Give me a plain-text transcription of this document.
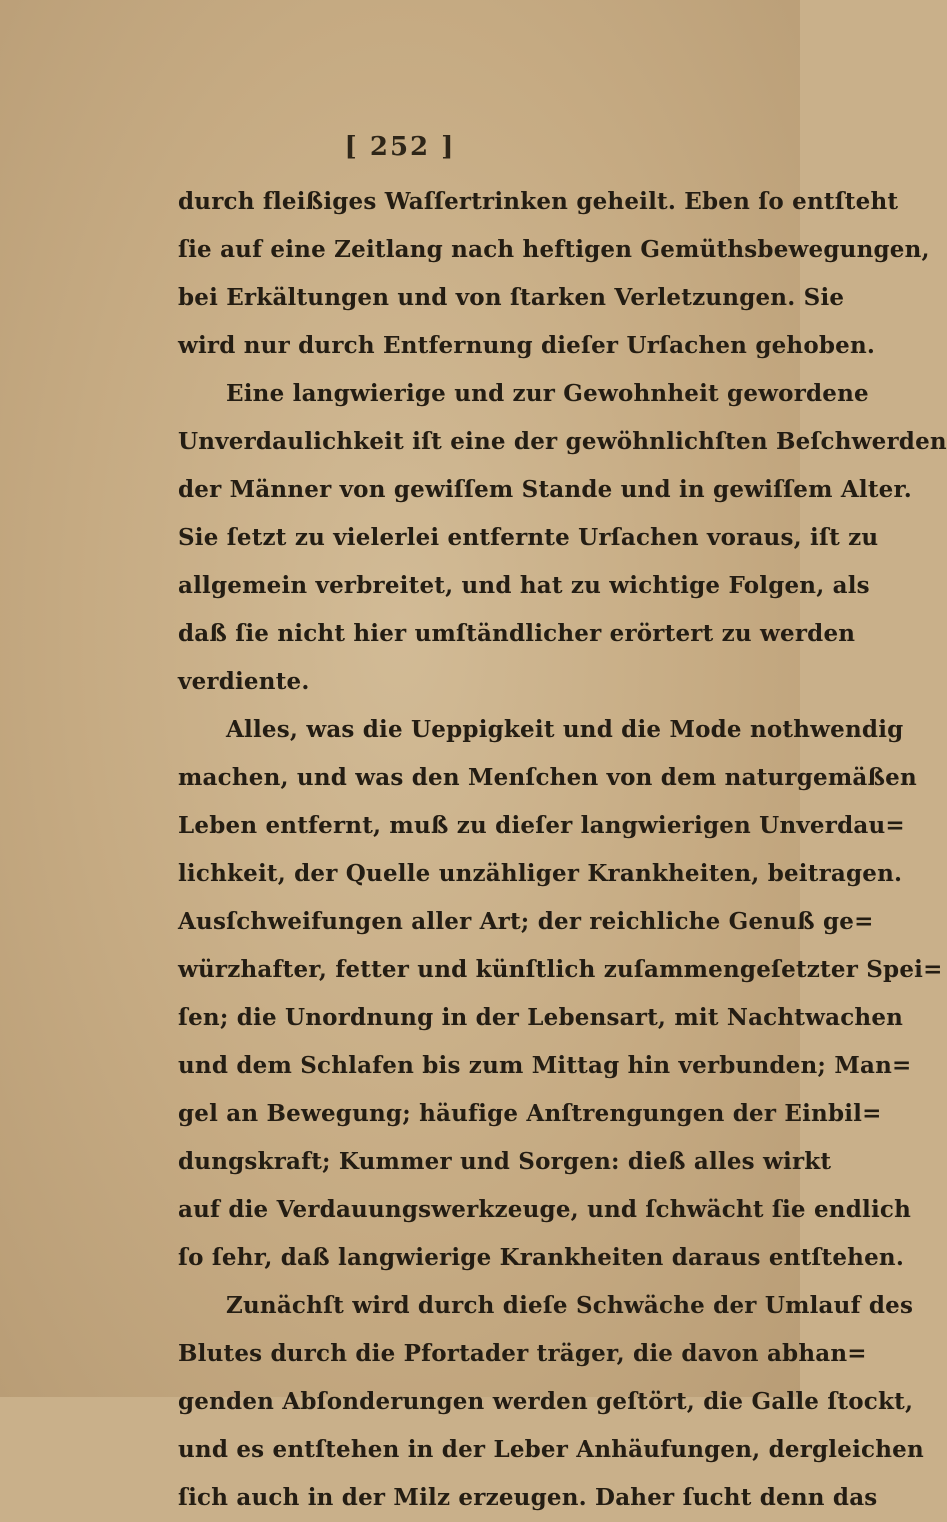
[ 252 ]
durch fleißiges Waſſertrinken geheilt. Eben ſo entſteht
ſie auf eine Zeitlang nach heftigen Gemüthsbewegungen,
bei Erkältungen und von ſtarken Verletzungen. Sie
wird nur durch Entfernung dieſer Urſachen gehoben.
Eine langwierige und zur Gewohnheit gewordene
Unverdaulichkeit iſt eine der gewöhnlichſten Beſchwerden
der Männer von gewiſſem Stande und in gewiſſem Alter.
Sie ſetzt zu vielerlei entfernte Urſachen voraus, iſt zu
allgemein verbreitet, und hat zu wichtige Folgen, als
daß ſie nicht hier umſtändlicher erörtert zu werden
verdiente.
Alles, was die Ueppigkeit und die Mode nothwendig
machen, und was den Menſchen von dem naturgemäßen
Leben entfernt, muß zu dieſer langwierigen Unverdau=
lichkeit, der Quelle unzähliger Krankheiten, beitragen.
Ausſchweifungen aller Art; der reichliche Genuß ge=
würzhafter, fetter und künſtlich zuſammengeſetzter Spei=
ſen; die Unordnung in der Lebensart, mit Nachtwachen
und dem Schlafen bis zum Mittag hin verbunden; Man=
gel an Bewegung; häufige Anſtrengungen der Einbil=
dungskraft; Kummer und Sorgen: dieß alles wirkt
auf die Verdauungswerkzeuge, und ſchwächt ſie endlich
ſo ſehr, daß langwierige Krankheiten daraus entſtehen.
Zunächſt wird durch dieſe Schwäche der Umlauf des
Blutes durch die Pfortader träger, die davon abhan=
genden Abſonderungen werden geſtört, die Galle ſtockt,
und es entſtehen in der Leber Anhäufungen, dergleichen
ſich auch in der Milz erzeugen. Daher ſucht denn das
